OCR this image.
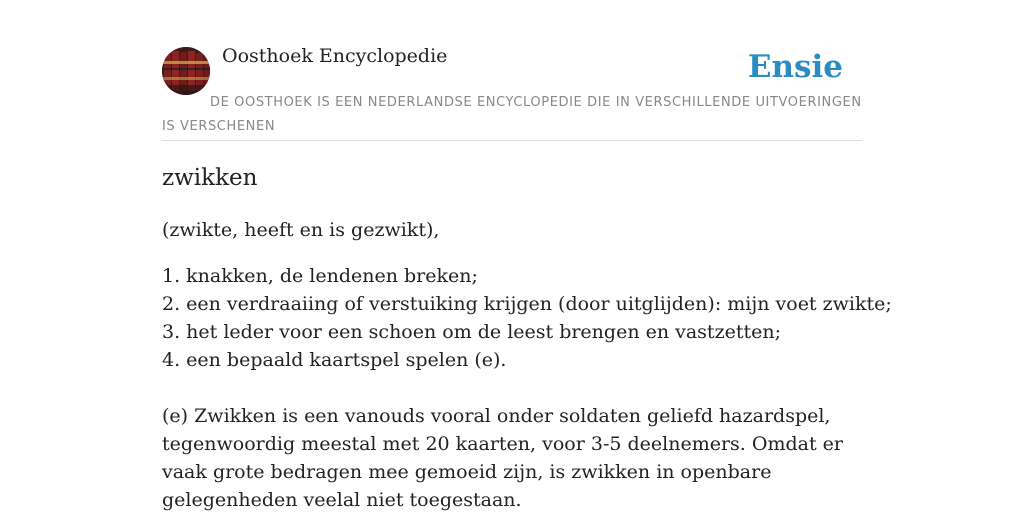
Oosthoek Encyclopedie	Ensie
DE OOSTHOEK IS EEN NEDERLANDSE ENCYCLOPEDIE DIE IN VERSCHILLENDE UITVOERINGEN IS VERSCHENEN
zwikken

(zwikte, heeft en is gezwikt),

1. knakken, de lendenen breken;
2. een verdraaiing of verstuiking krijgen (door uitglijden): mijn voet zwikte;
3. het leder voor een schoen om de leest brengen en vastzetten;
4. een bepaald kaartspel spelen (e).

(e) Zwikken is een vanouds vooral onder soldaten geliefd hazardspel, tegenwoordig meestal met 20 kaarten, voor 3-5 deelnemers. Omdat er vaak grote bedragen mee gemoeid zijn, is zwikken in openbare gelegenheden veelal niet toegestaan.
